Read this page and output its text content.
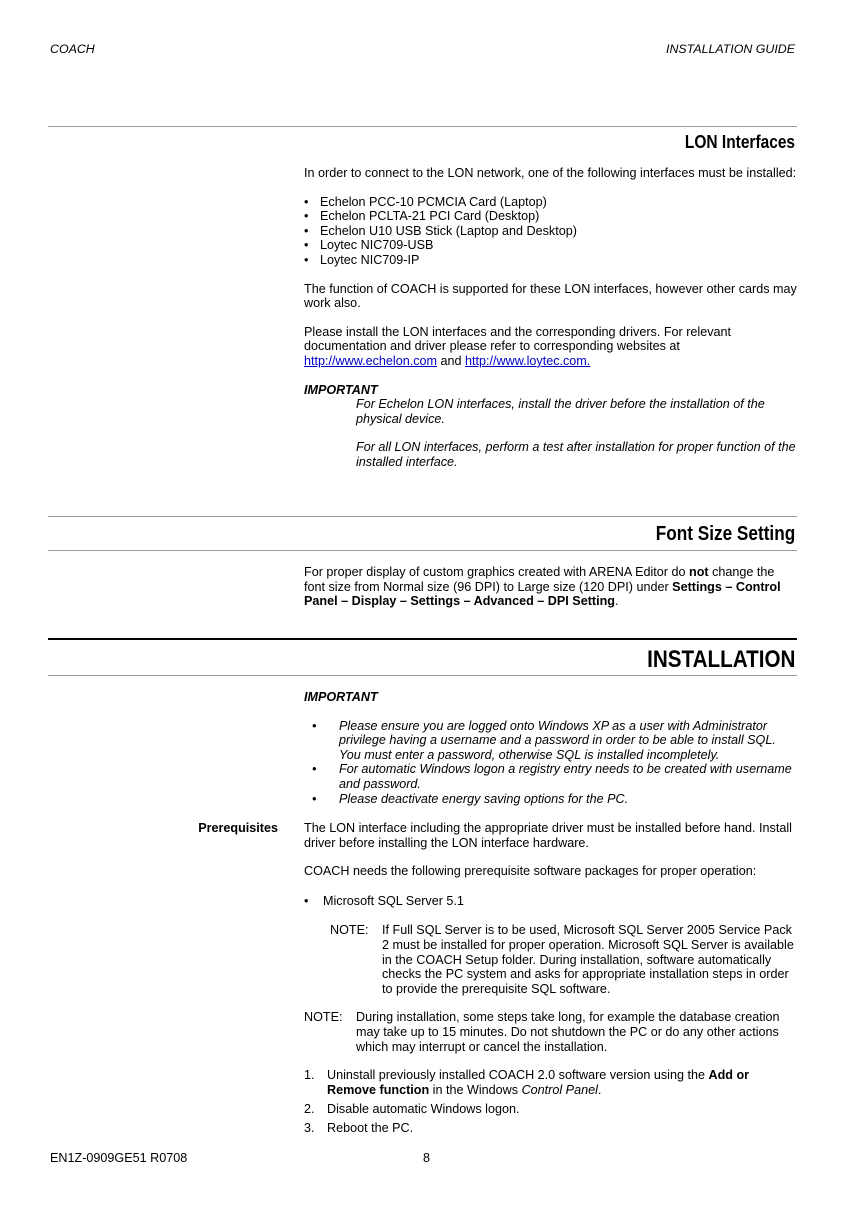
COACH	INSTALLATION GUIDE
LON Interfaces

In order to connect to the LON network, one of the following interfaces must be installed:

• Echelon PCC-10 PCMCIA Card (Laptop)
• Echelon PCLTA-21 PCI Card (Desktop)
• Echelon U10 USB Stick (Laptop and Desktop)
• Loytec NIC709-USB
• Loytec NIC709-IP

The function of COACH is supported for these LON interfaces, however other cards may work also.

Please install the LON interfaces and the corresponding drivers. For relevant documentation and driver please refer to corresponding websites at
http://www.echelon.com and http://www.loytec.com.

IMPORTANT

For Echelon LON interfaces, install the driver before the installation of the physical device.

For all LON interfaces, perform a test after installation for proper function of the installed interface.

Font Size Setting

For proper display of custom graphics created with ARENA Editor do not change the font size from Normal size (96 DPI) to Large size (120 DPI) under Settings – Control Panel – Display – Settings – Advanced – DPI Setting.

INSTALLATION

IMPORTANT

• Please ensure you are logged onto Windows XP as a user with Administrator privilege having a username and a password in order to be able to install SQL. You must enter a password, otherwise SQL is installed incompletely.
• For automatic Windows logon a registry entry needs to be created with username and password.
• Please deactivate energy saving options for the PC.
Prerequisites The LON interface including the appropriate driver must be installed before hand. Install driver before installing the LON interface hardware.

COACH needs the following prerequisite software packages for proper operation:

• Microsoft SQL Server 5.1
NOTE:	If Full SQL Server is to be used, Microsoft SQL Server 2005 Service Pack 2 must be installed for proper operation. Microsoft SQL Server is available in the COACH Setup folder. During installation, software automatically checks the PC system and asks for appropriate installation steps in order to provide the prerequisite SQL software.
NOTE:	During installation, some steps take long, for example the database creation may take up to 15 minutes. Do not shutdown the PC or do any other actions which may interrupt or cancel the installation.
1. Uninstall previously installed COACH 2.0 software version using the Add or Remove function in the Windows Control Panel.
2. Disable automatic Windows logon.
3. Reboot the PC.
EN1Z-0909GE51 R0708	8
